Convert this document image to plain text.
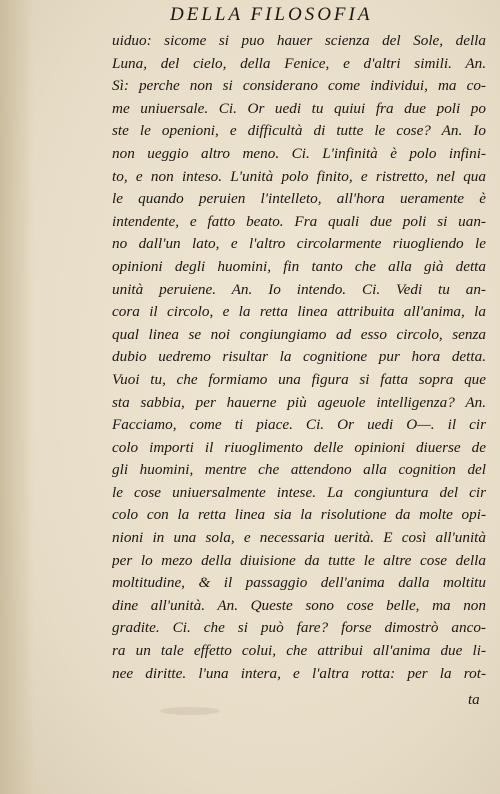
DELLA FILOSOFIA
uiduo: sicome si puo hauer scienza del Sole, della
Luna, del cielo, della Fenice, e d'altri simili. An.
Sì: perche non si considerano come individui, ma co-
me uniuersale. Ci. Or uedi tu quiui fra due poli po
ste le openioni, e difficultà di tutte le cose? An. Io
non ueggio altro meno. Ci. L'infinità è polo infini-
to, e non inteso. L'unità polo finito, e ristretto, nel qua
le quando peruien l'intelleto, all'hora ueramente è
intendente, e fatto beato. Fra quali due poli si uan-
no dall'un lato, e l'altro circolarmente riuogliendo le
opinioni degli huomini, fin tanto che alla già detta
unità peruiene. An. Io intendo. Ci. Vedi tu an-
cora il circolo, e la retta linea attribuita all'anima, la
qual linea se noi congiungiamo ad esso circolo, senza
dubio uedremo risultar la cognitione pur hora detta.
Vuoi tu, che formiamo una figura si fatta sopra que
sta sabbia, per hauerne più ageuole intelligenza? An.
Facciamo, come ti piace. Ci. Or uedi O—. il cir
colo importi il riuoglimento delle opinioni diuerse de
gli huomini, mentre che attendono alla cognition del
le cose uniuersalmente intese. La congiuntura del cir
colo con la retta linea sia la risolutione da molte opi-
nioni in una sola, e necessaria uerità. E così all'unità
per lo mezo della diuisione da tutte le altre cose della
moltitudine, & il passaggio dell'anima dalla moltitu
dine all'unità. An. Queste sono cose belle, ma non
gradite. Ci. che si può fare? forse dimostrò anco-
ra un tale effetto colui, che attribui all'anima due li-
nee diritte. l'una intera, e l'altra rotta: per la rot-
ta
